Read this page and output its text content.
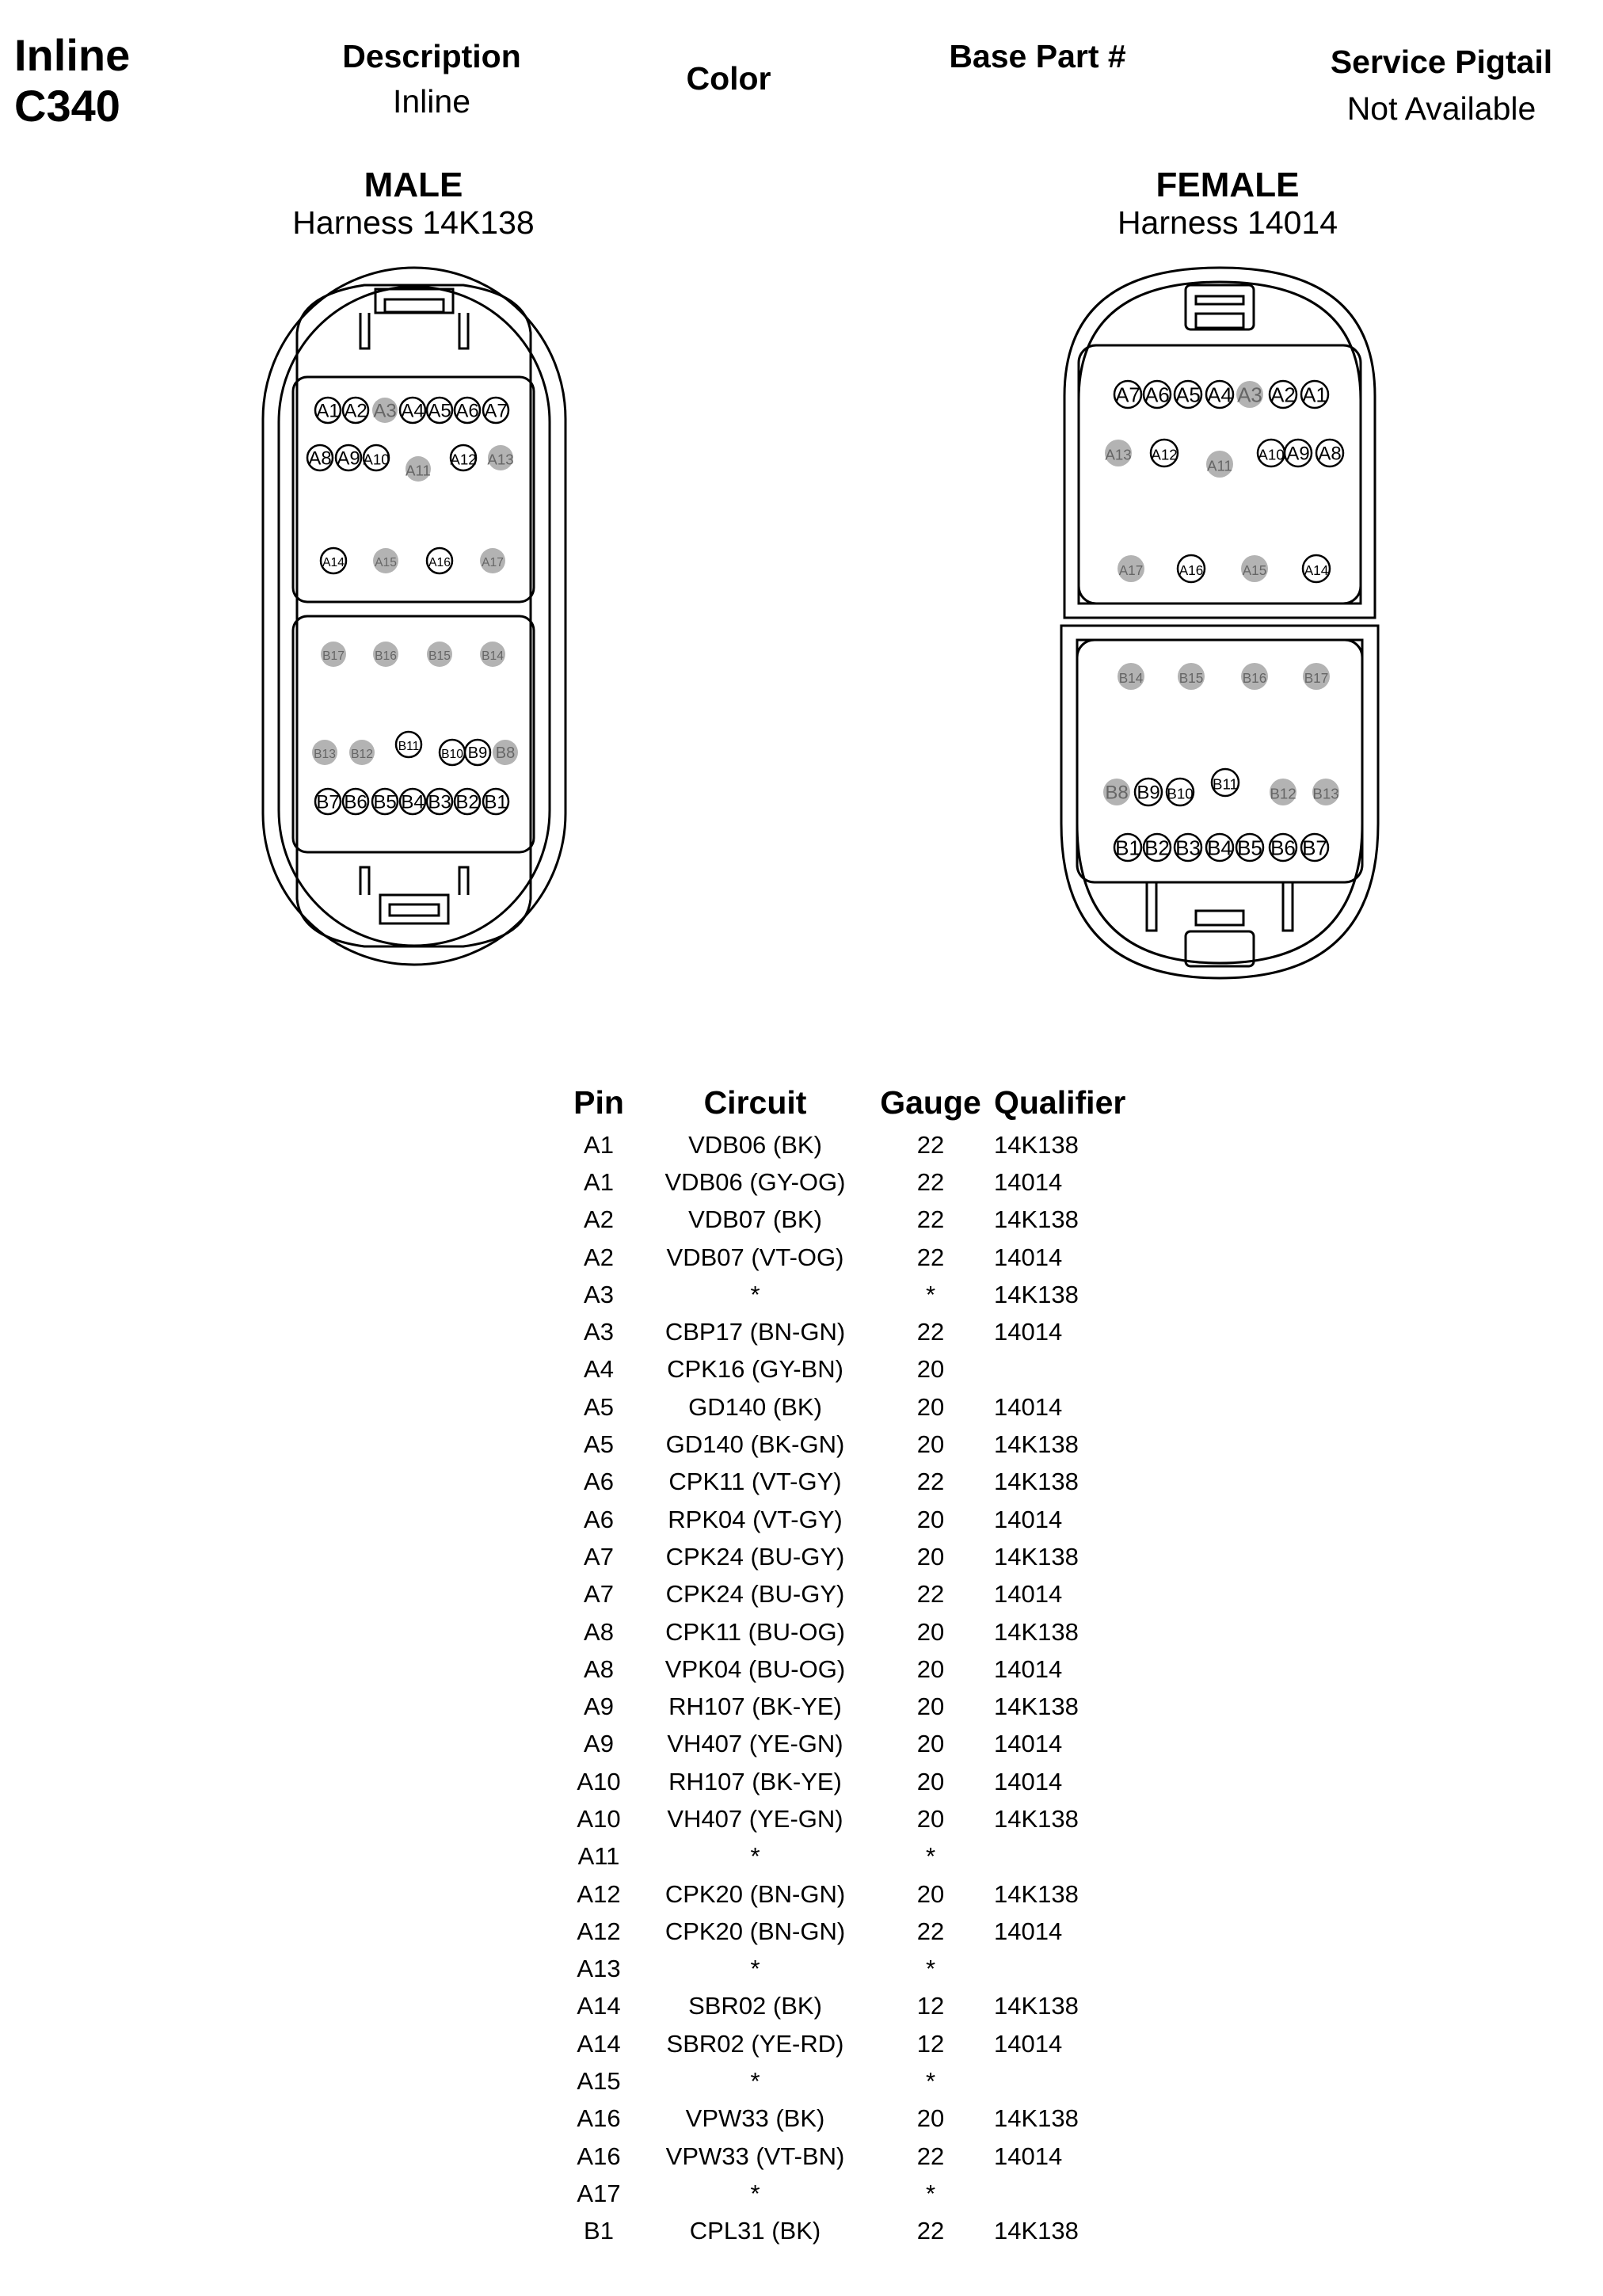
Inline
C340
Description
Inline
Color
Base Part #	Service Pigtail
Not Available
MALE
Harness 14K138
FEMALE
Harness 14014
A1 A2 A3 A4 A5 A6 A7
A8 A9 A10
A11
A12 A13
A14 A15	A16	A17
B17 B16	B15	B14
B13 B12
B11
B10 B9 B8
B7 B6 B5 B4 B3 B2 B1
A7 A6 A5 A4 A3 A2 A1
A13 A12
A11
A10 A9 A8
A17	A16	A15	A14
B14	B15	B16	B17
B8 B9 B10
B11
B12 B13
B1 B2 B3 B4 B5 B6 B7
Pin	Circuit	Gauge	Qualifier
A1	VDB06 (BK)	22	14K138
A1	VDB06 (GY-OG)	22	14014
A2	VDB07 (BK)	22	14K138
A2	VDB07 (VT-OG)	22	14014
A3	*	*	14K138
A3	CBP17 (BN-GN)	22	14014
A4	CPK16 (GY-BN)	20	
A5	GD140 (BK)	20	14014
A5	GD140 (BK-GN)	20	14K138
A6	CPK11 (VT-GY)	22	14K138
A6	RPK04 (VT-GY)	20	14014
A7	CPK24 (BU-GY)	20	14K138
A7	CPK24 (BU-GY)	22	14014
A8	CPK11 (BU-OG)	20	14K138
A8	VPK04 (BU-OG)	20	14014
A9	RH107 (BK-YE)	20	14K138
A9	VH407 (YE-GN)	20	14014
A10	RH107 (BK-YE)	20	14014
A10	VH407 (YE-GN)	20	14K138
A11	*	*	
A12	CPK20 (BN-GN)	20	14K138
A12	CPK20 (BN-GN)	22	14014
A13	*	*	
A14	SBR02 (BK)	12	14K138
A14	SBR02 (YE-RD)	12	14014
A15	*	*	
A16	VPW33 (BK)	20	14K138
A16	VPW33 (VT-BN)	22	14014
A17	*	*	
B1	CPL31 (BK)	22	14K138
